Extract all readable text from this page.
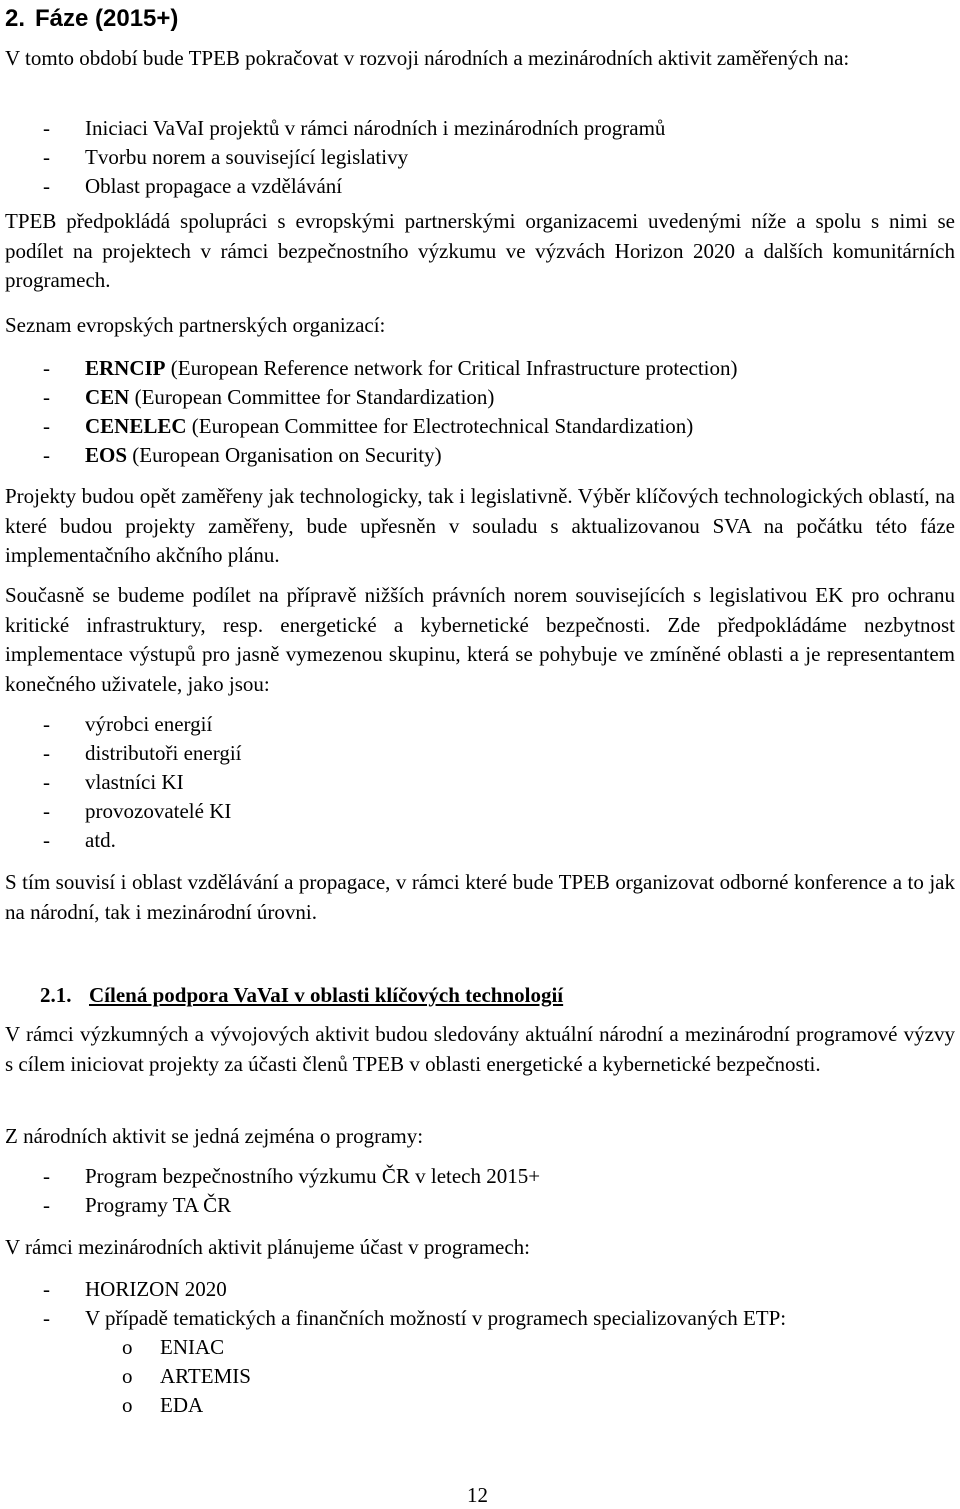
2. Fáze (2015+)

V tomto období bude TPEB pokračovat v rozvoji národních a mezinárodních aktivit zaměřených na:

- Iniciaci VaVaI projektů v rámci národních i mezinárodních programů
- Tvorbu norem a související legislativy
- Oblast propagace a vzdělávání

TPEB předpokládá spolupráci s evropskými partnerskými organizacemi uvedenými níže a spolu s nimi se podílet na projektech v rámci bezpečnostního výzkumu ve výzvách Horizon 2020 a dalších komunitárních programech.

Seznam evropských partnerských organizací:

- ERNCIP (European Reference network for Critical Infrastructure protection)
- CEN (European Committee for Standardization)
- CENELEC (European Committee for Electrotechnical Standardization)
- EOS (European Organisation on Security)

Projekty budou opět zaměřeny jak technologicky, tak i legislativně. Výběr klíčových technologických oblastí, na které budou projekty zaměřeny, bude upřesněn v souladu s aktualizovanou SVA na počátku této fáze implementačního akčního plánu.

Současně se budeme podílet na přípravě nižších právních norem souvisejících s legislativou EK pro ochranu kritické infrastruktury, resp. energetické a kybernetické bezpečnosti. Zde předpokládáme nezbytnost implementace výstupů pro jasně vymezenou skupinu, která se pohybuje ve zmíněné oblasti a je representantem konečného uživatele, jako jsou:

- výrobci energií
- distributoři energií
- vlastníci KI
- provozovatelé KI
- atd.

S tím souvisí i oblast vzdělávání a propagace, v rámci které bude TPEB organizovat odborné konference a to jak na národní, tak i mezinárodní úrovni.

2.1. Cílená podpora VaVaI v oblasti klíčových technologií

V rámci výzkumných a vývojových aktivit budou sledovány aktuální národní a mezinárodní programové výzvy s cílem iniciovat projekty za účasti členů TPEB v oblasti energetické a kybernetické bezpečnosti.

Z národních aktivit se jedná zejména o programy:

- Program bezpečnostního výzkumu ČR v letech 2015+
- Programy TA ČR

V rámci mezinárodních aktivit plánujeme účast v programech:

- HORIZON 2020
- V případě tematických a finančních možností v programech specializovaných ETP:
o ENIAC
o ARTEMIS
o EDA
12
